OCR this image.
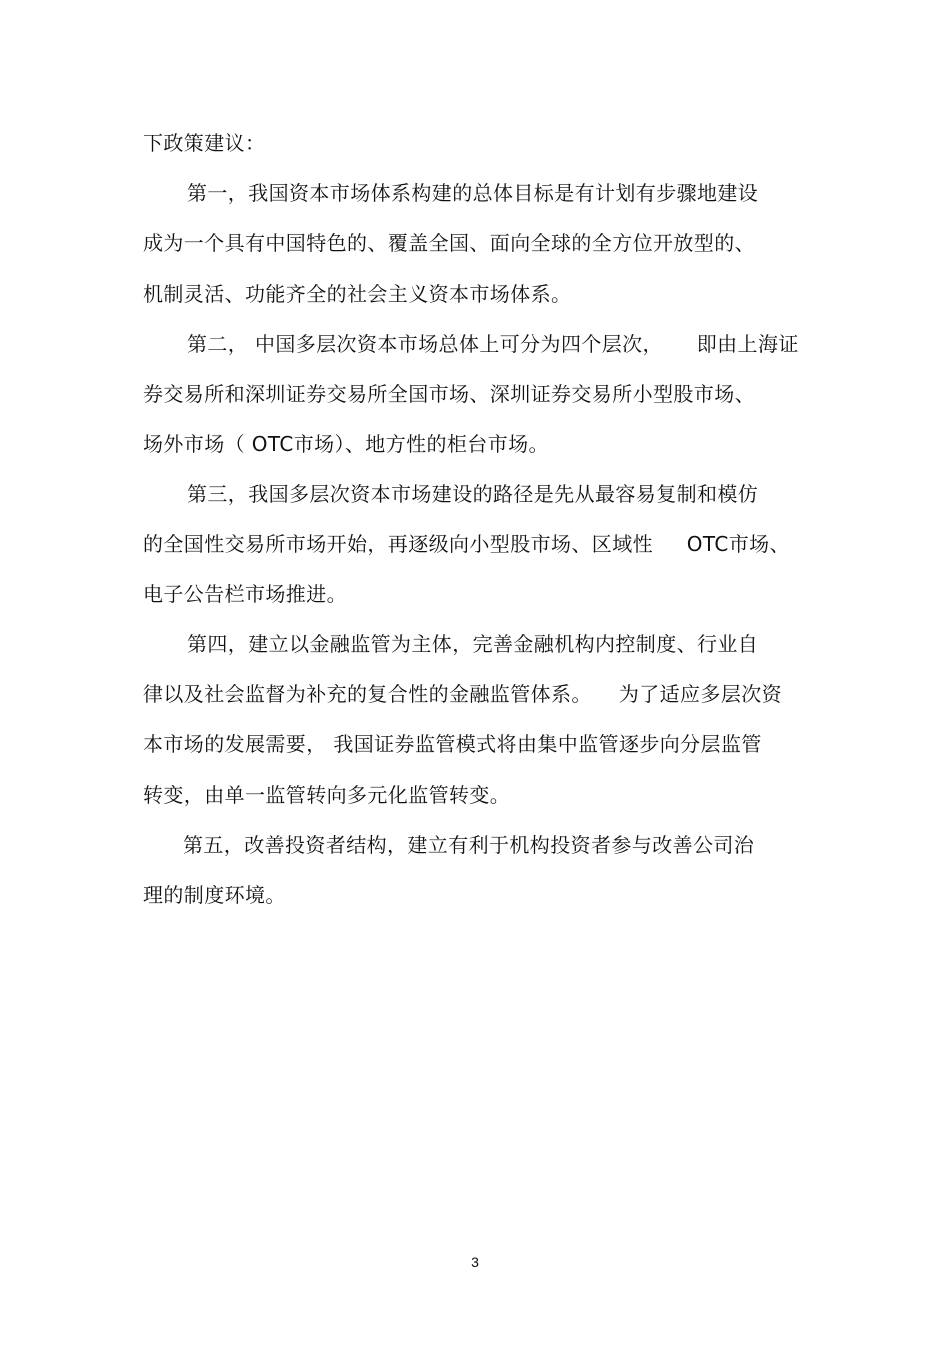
下政策建议：
第一，我国资本市场体系构建的总体目标是有计划有步骤地建设
成为一个具有中国特色的、覆盖全国、面向全球的全方位开放型的、
机制灵活、功能齐全的社会主义资本市场体系。
第二， 中国多层次资本市场总体上可分为四个层次，     即由上海证
券交易所和深圳证券交易所全国市场、深圳证券交易所小型股市场、
场外市场（ OTC市场）、地方性的柜台市场。
第三，我国多层次资本市场建设的路径是先从最容易复制和模仿
的全国性交易所市场开始，再逐级向小型股市场、区域性     OTC市场、
电子公告栏市场推进。
第四，建立以金融监管为主体，完善金融机构内控制度、行业自
律以及社会监督为补充的复合性的金融监管体系。    为了适应多层次资
本市场的发展需要， 我国证券监管模式将由集中监管逐步向分层监管
转变，由单一监管转向多元化监管转变。
第五，改善投资者结构，建立有利于机构投资者参与改善公司治
理的制度环境。
3
